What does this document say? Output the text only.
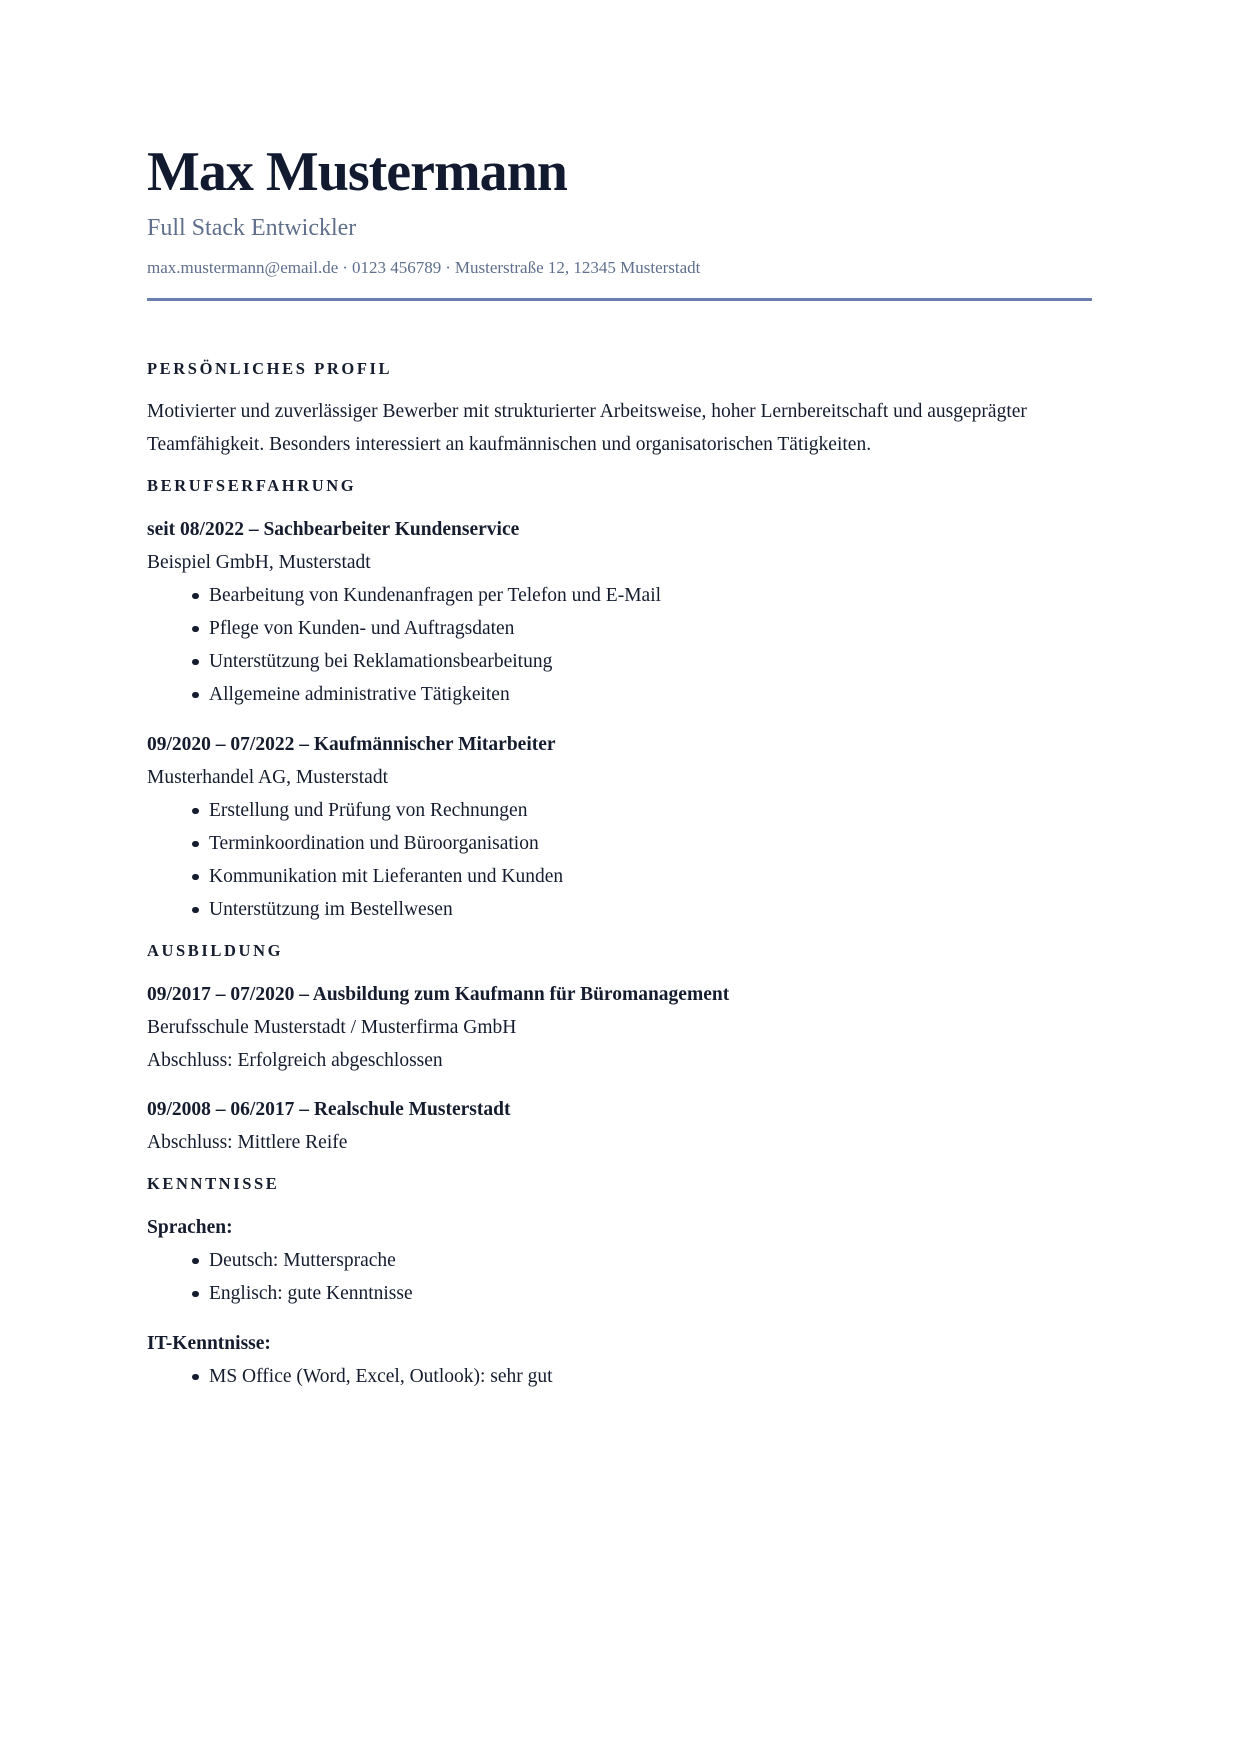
Max Mustermann
Full Stack Entwickler
max.mustermann@email.de · 0123 456789 · Musterstraße 12, 12345 Musterstadt
PERSÖNLICHES PROFIL

Motivierter und zuverlässiger Bewerber mit strukturierter Arbeitsweise, hoher Lernbereitschaft und ausgeprägter Teamfähigkeit. Besonders interessiert an kaufmännischen und organisatorischen Tätigkeiten.

BERUFSERFAHRUNG

seit 08/2022 – Sachbearbeiter Kundenservice

Beispiel GmbH, Musterstadt

Bearbeitung von Kundenanfragen per Telefon und E-Mail
Pflege von Kunden- und Auftragsdaten
Unterstützung bei Reklamationsbearbeitung
Allgemeine administrative Tätigkeiten

09/2020 – 07/2022 – Kaufmännischer Mitarbeiter

Musterhandel AG, Musterstadt

Erstellung und Prüfung von Rechnungen
Terminkoordination und Büroorganisation
Kommunikation mit Lieferanten und Kunden
Unterstützung im Bestellwesen
AUSBILDUNG

09/2017 – 07/2020 – Ausbildung zum Kaufmann für Büromanagement

Berufsschule Musterstadt / Musterfirma GmbH

Abschluss: Erfolgreich abgeschlossen

09/2008 – 06/2017 – Realschule Musterstadt

Abschluss: Mittlere Reife

KENNTNISSE

Sprachen:

Deutsch: Muttersprache
Englisch: gute Kenntnisse

IT-Kenntnisse:

MS Office (Word, Excel, Outlook): sehr gut
